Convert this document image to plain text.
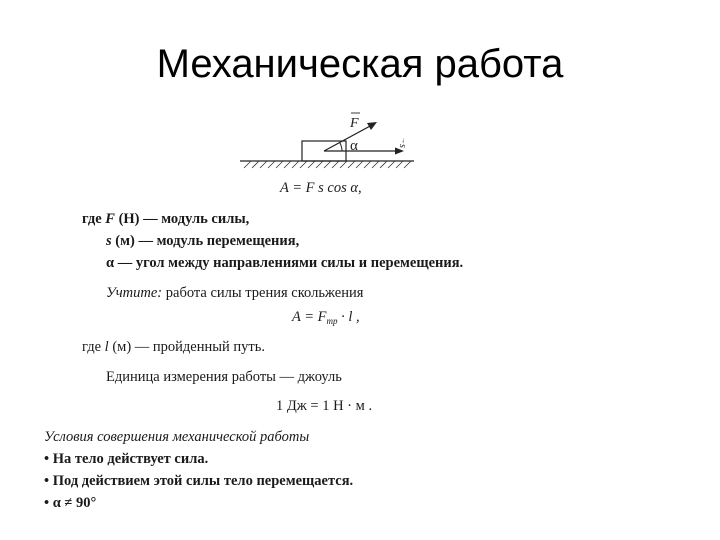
Механическая работа
F
α	s
→
A = F s cos α,
где F (Н) — модуль силы,
s (м) — модуль перемещения,
α — угол между направлениями силы и перемещения.
Учтите: работа силы трения скольжения
$A = F_{тр} \cdot l$ ,
где l (м) — пройденный путь.
Единица измерения работы — джоуль
1 Дж = 1 Н · м .
Условия совершения механической работы
• На тело действует сила.
• Под действием этой силы тело перемещается.
• α ≠ 90°
